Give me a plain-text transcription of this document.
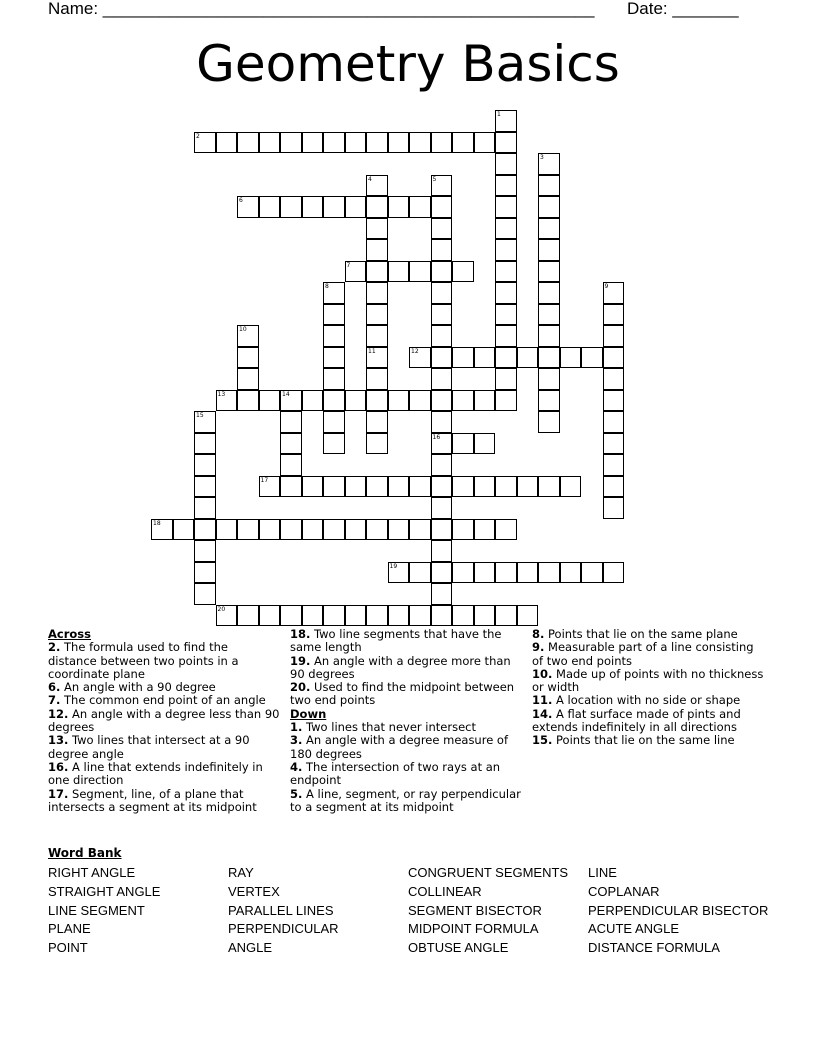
Name: ____________________________________________________ Date: _______
Geometry Basics
1
2
3
4
11
5
16
6
7
8	9
10
12
13	14
15
17
18
19
20
Across
2. The formula used to find the distance between two points in a coordinate plane
6. An angle with a 90 degree
7. The common end point of an angle
12. An angle with a degree less than 90 degrees
13. Two lines that intersect at a 90 degree angle
16. A line that extends indefinitely in one direction
17. Segment, line, of a plane that intersects a segment at its midpoint
18. Two line segments that have the same length
19. An angle with a degree more than 90 degrees
20. Used to find the midpoint between two end points
Down
1. Two lines that never intersect
3. An angle with a degree measure of 180 degrees
4. The intersection of two rays at an endpoint
5. A line, segment, or ray perpendicular to a segment at its midpoint
8. Points that lie on the same plane
9. Measurable part of a line consisting of two end points
10. Made up of points with no thickness or width
11. A location with no side or shape
14. A flat surface made of pints and extends indefinitely in all directions
15. Points that lie on the same line
Word Bank
RIGHT ANGLE
STRAIGHT ANGLE
LINE SEGMENT
PLANE
POINT
RAY
VERTEX
PARALLEL LINES
PERPENDICULAR
ANGLE
CONGRUENT SEGMENTS
COLLINEAR
SEGMENT BISECTOR
MIDPOINT FORMULA
OBTUSE ANGLE
LINE
COPLANAR
PERPENDICULAR BISECTOR
ACUTE ANGLE
DISTANCE FORMULA
